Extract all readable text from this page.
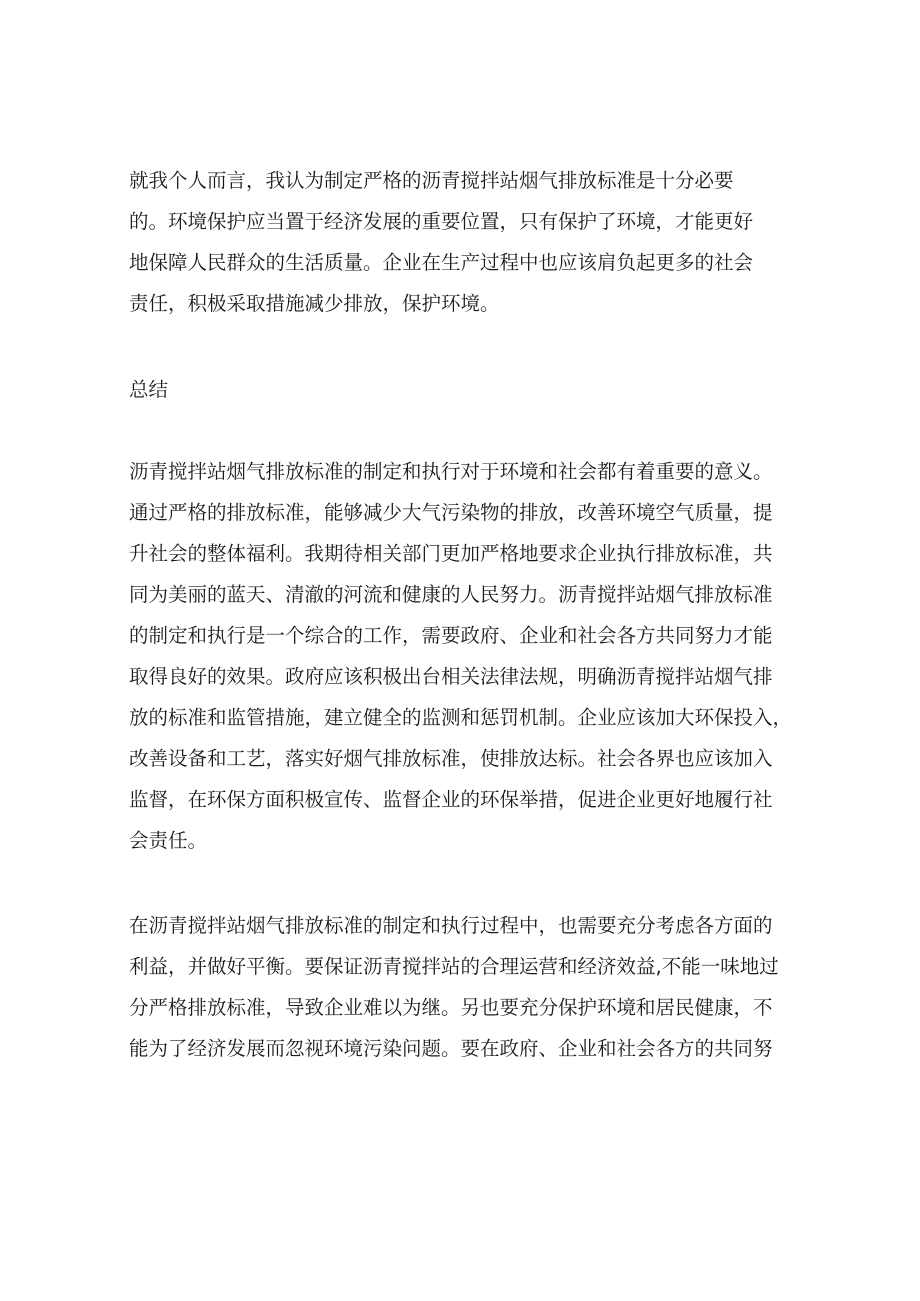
就我个人而言，我认为制定严格的沥青搅拌站烟气排放标准是十分必要
的。环境保护应当置于经济发展的重要位置，只有保护了环境，才能更好
地保障人民群众的生活质量。企业在生产过程中也应该肩负起更多的社会
责任，积极采取措施减少排放，保护环境。
总结
沥青搅拌站烟气排放标准的制定和执行对于环境和社会都有着重要的意义。
通过严格的排放标准，能够减少大气污染物的排放，改善环境空气质量，提
升社会的整体福利。我期待相关部门更加严格地要求企业执行排放标准，共
同为美丽的蓝天、清澈的河流和健康的人民努力。沥青搅拌站烟气排放标准
的制定和执行是一个综合的工作，需要政府、企业和社会各方共同努力才能
取得良好的效果。政府应该积极出台相关法律法规，明确沥青搅拌站烟气排
放的标准和监管措施，建立健全的监测和惩罚机制。企业应该加大环保投入，
改善设备和工艺，落实好烟气排放标准，使排放达标。社会各界也应该加入
监督，在环保方面积极宣传、监督企业的环保举措，促进企业更好地履行社
会责任。
在沥青搅拌站烟气排放标准的制定和执行过程中，也需要充分考虑各方面的
利益，并做好平衡。要保证沥青搅拌站的合理运营和经济效益,不能一味地过
分严格排放标准，导致企业难以为继。另也要充分保护环境和居民健康，不
能为了经济发展而忽视环境污染问题。要在政府、企业和社会各方的共同努
